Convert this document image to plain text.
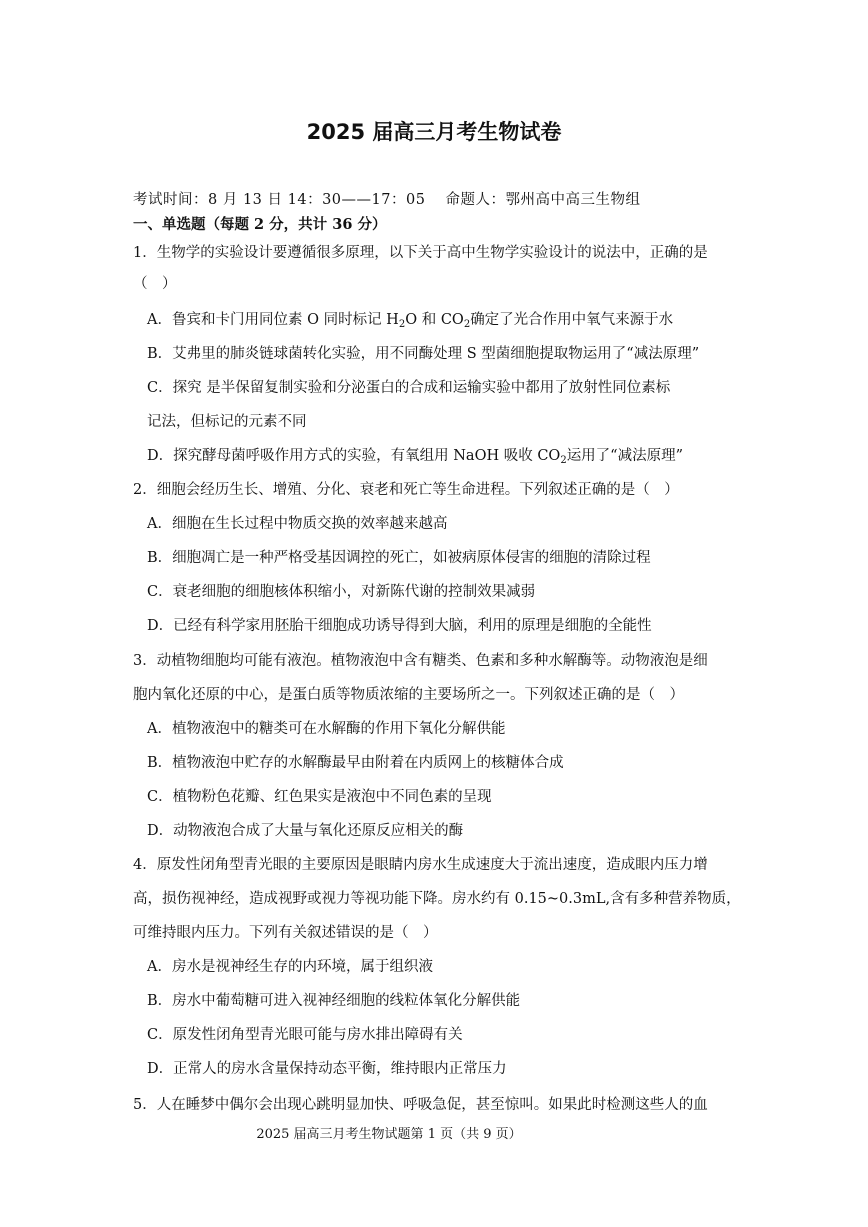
2025 届高三月考生物试卷
考试时间：8 月 13 日 14：30——17：05　 命题人：鄂州高中高三生物组
一、单选题（每题 2 分，共计 36 分）
1．生物学的实验设计要遵循很多原理，以下关于高中生物学实验设计的说法中，正确的是
（　）
A．鲁宾和卡门用同位素 O 同时标记 $H_2O$ 和 $CO_2$确定了光合作用中氧气来源于水
B．艾弗里的肺炎链球菌转化实验，用不同酶处理 S 型菌细胞提取物运用了“减法原理”
C．探究 是半保留复制实验和分泌蛋白的合成和运输实验中都用了放射性同位素标
记法，但标记的元素不同
D．探究酵母菌呼吸作用方式的实验，有氧组用 NaOH 吸收 $CO_2$运用了“减法原理”
2．细胞会经历生长、增殖、分化、衰老和死亡等生命进程。下列叙述正确的是（　）
A．细胞在生长过程中物质交换的效率越来越高
B．细胞凋亡是一种严格受基因调控的死亡，如被病原体侵害的细胞的清除过程
C．衰老细胞的细胞核体积缩小，对新陈代谢的控制效果减弱
D．已经有科学家用胚胎干细胞成功诱导得到大脑，利用的原理是细胞的全能性
3．动植物细胞均可能有液泡。植物液泡中含有糖类、色素和多种水解酶等。动物液泡是细
胞内氧化还原的中心，是蛋白质等物质浓缩的主要场所之一。下列叙述正确的是（　）
A．植物液泡中的糖类可在水解酶的作用下氧化分解供能
B．植物液泡中贮存的水解酶最早由附着在内质网上的核糖体合成
C．植物粉色花瓣、红色果实是液泡中不同色素的呈现
D．动物液泡合成了大量与氧化还原反应相关的酶
4．原发性闭角型青光眼的主要原因是眼睛内房水生成速度大于流出速度，造成眼内压力增
高，损伤视神经，造成视野或视力等视功能下降。房水约有 0.15~0.3mL,含有多种营养物质，
可维持眼内压力。下列有关叙述错误的是（　）
A．房水是视神经生存的内环境，属于组织液
B．房水中葡萄糖可进入视神经细胞的线粒体氧化分解供能
C．原发性闭角型青光眼可能与房水排出障碍有关
D．正常人的房水含量保持动态平衡，维持眼内正常压力
5．人在睡梦中偶尔会出现心跳明显加快、呼吸急促，甚至惊叫。如果此时检测这些人的血
2025 届高三月考生物试题第 1 页（共 9 页）
